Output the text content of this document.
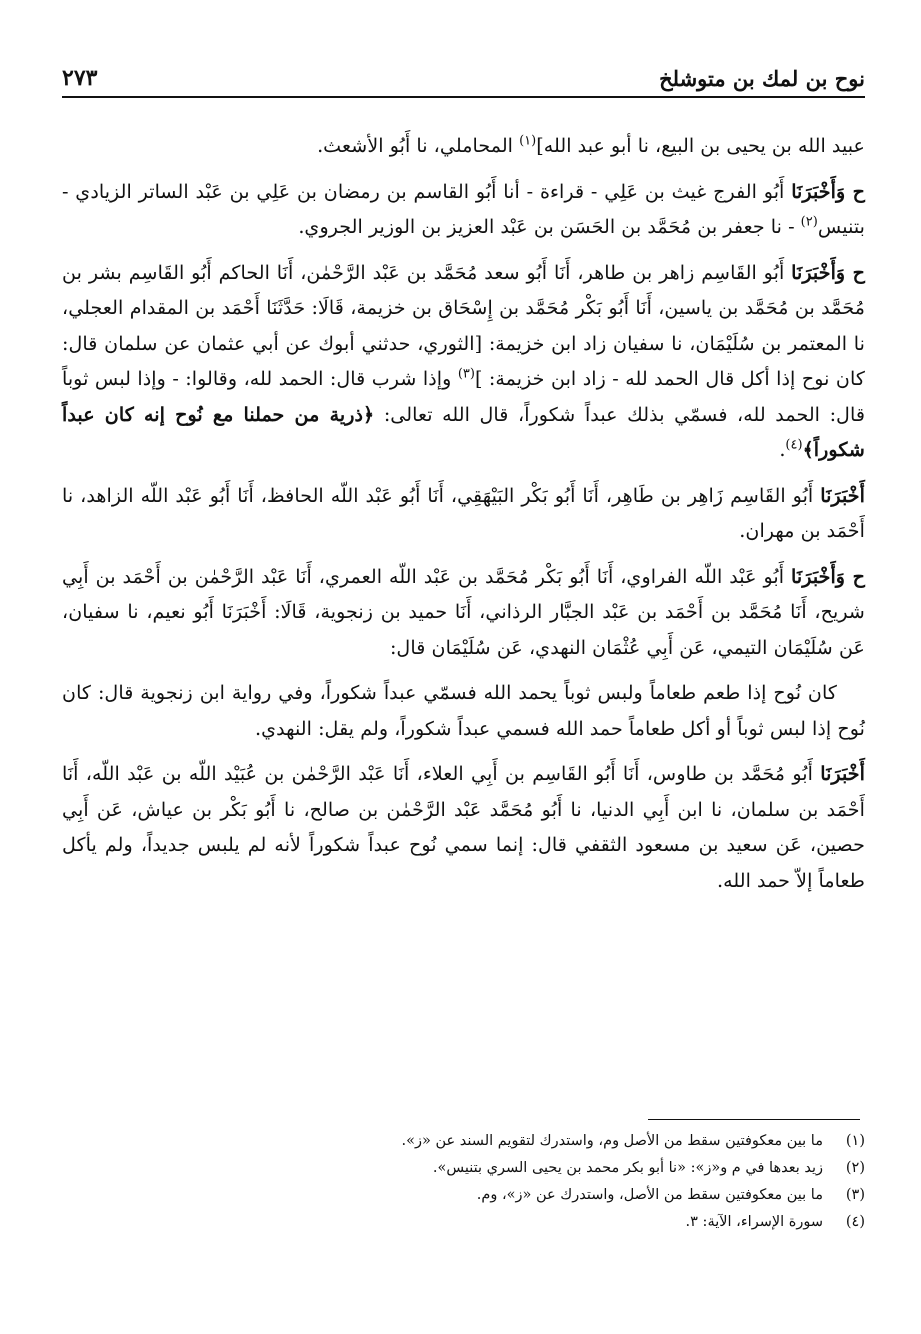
نوح بن لمك بن متوشلخ
٢٧٣

عبيد الله بن يحيى بن البيع، نا أبو عبد الله]$^{(١)}$ المحاملي، نا أَبُو الأشعث.

ح وَأَخْبَرَنَا أَبُو الفرج غيث بن عَلِي - قراءة - أنا أَبُو القاسم بن رمضان بن عَلِي بن عَبْد الساتر الزيادي - بتنيس$^{(٢)}$ - نا جعفر بن مُحَمَّد بن الحَسَن بن عَبْد العزيز بن الوزير الجروي.

ح وَأَخْبَرَنَا أَبُو القَاسِم زاهر بن طاهر، أَنَا أَبُو سعد مُحَمَّد بن عَبْد الرَّحْمٰن، أَنَا الحاكم أَبُو القَاسِم بشر بن مُحَمَّد بن مُحَمَّد بن ياسين، أَنَا أَبُو بَكْر مُحَمَّد بن إِسْحَاق بن خزيمة، قَالَا: حَدَّثَنَا أَحْمَد بن المقدام العجلي، نا المعتمر بن سُلَيْمَان، نا سفيان زاد ابن خزيمة: [الثوري، حدثني أبوك عن أبي عثمان عن سلمان قال: كان نوح إذا أكل قال الحمد لله - زاد ابن خزيمة: ]$^{(٣)}$ وإذا شرب قال: الحمد لله، وقالوا: - وإذا لبس ثوباً قال: الحمد لله، فسمّي بذلك عبداً شكوراً، قال الله تعالى: ﴿ذرية من حملنا مع نُوح إنه كان عبداً شكوراً﴾$^{(٤)}$.

أَخْبَرَنَا أَبُو القَاسِم زَاهِر بن طَاهِر، أَنَا أَبُو بَكْر البَيْهَقِي، أَنَا أَبُو عَبْد اللّه الحافظ، أَنَا أَبُو عَبْد اللّه الزاهد، نا أَحْمَد بن مهران.

ح وَأَخْبَرَنَا أَبُو عَبْد اللّه الفراوي، أَنَا أَبُو بَكْر مُحَمَّد بن عَبْد اللّه العمري، أَنَا عَبْد الرَّحْمٰن بن أَحْمَد بن أَبِي شريح، أَنَا مُحَمَّد بن أَحْمَد بن عَبْد الجبَّار الرذاني، أَنَا حميد بن زنجوية، قَالَا: أَخْبَرَنَا أَبُو نعيم، نا سفيان، عَن سُلَيْمَان التيمي، عَن أَبِي عُثْمَان النهدي، عَن سُلَيْمَان قال:

كان نُوح إذا طعم طعاماً ولبس ثوباً يحمد الله فسمّي عبداً شكوراً، وفي رواية ابن زنجوية قال: كان نُوح إذا لبس ثوباً أو أكل طعاماً حمد الله فسمي عبداً شكوراً، ولم يقل: النهدي.

أَخْبَرَنَا أَبُو مُحَمَّد بن طاوس، أَنَا أَبُو القَاسِم بن أَبِي العلاء، أَنَا عَبْد الرَّحْمٰن بن عُبَيْد اللّه بن عَبْد اللّه، أَنَا أَحْمَد بن سلمان، نا ابن أَبِي الدنيا، نا أَبُو مُحَمَّد عَبْد الرَّحْمٰن بن صالح، نا أَبُو بَكْر بن عياش، عَن أَبِي حصين، عَن سعيد بن مسعود الثقفي قال: إنما سمي نُوح عبداً شكوراً لأنه لم يلبس جديداً، ولم يأكل طعاماً إلاّ حمد الله.

(١)
ما بين معكوفتين سقط من الأصل وم، واستدرك لتقويم السند عن «ز».
(٢)
زيد بعدها في م و«ز»: «نا أبو بكر محمد بن يحيى السري بتنيس».
(٣)
ما بين معكوفتين سقط من الأصل، واستدرك عن «ز»، وم.
(٤)
سورة الإسراء، الآية: ٣.
